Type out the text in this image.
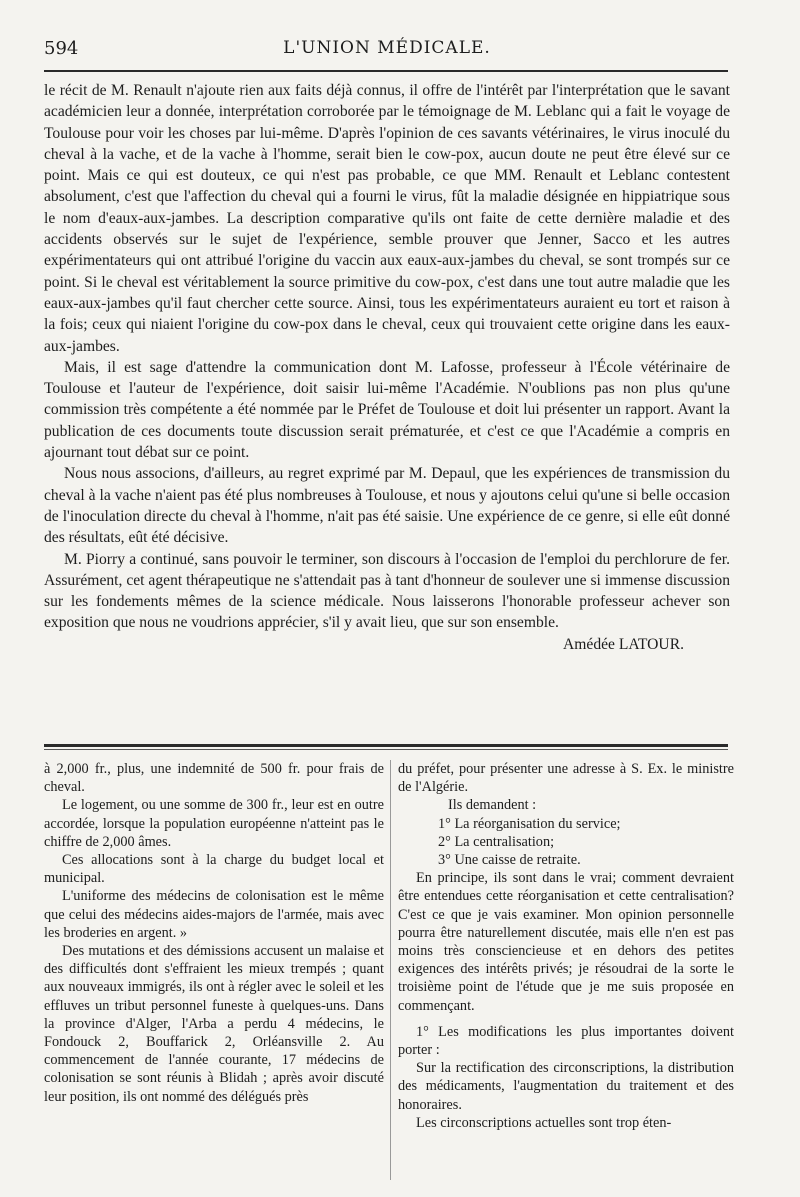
594	L'UNION MÉDICALE.

le récit de M. Renault n'ajoute rien aux faits déjà connus, il offre de l'intérêt par l'interprétation que le savant académicien leur a donnée, interprétation corroborée par le témoignage de M. Leblanc qui a fait le voyage de Toulouse pour voir les choses par lui-même. D'après l'opinion de ces savants vétérinaires, le virus inoculé du cheval à la vache, et de la vache à l'homme, serait bien le cow-pox, aucun doute ne peut être élevé sur ce point. Mais ce qui est douteux, ce qui n'est pas probable, ce que MM. Renault et Leblanc contestent absolument, c'est que l'affection du cheval qui a fourni le virus, fût la maladie désignée en hippiatrique sous le nom d'eaux-aux-jambes. La description comparative qu'ils ont faite de cette dernière maladie et des accidents observés sur le sujet de l'expérience, semble prouver que Jenner, Sacco et les autres expérimentateurs qui ont attribué l'origine du vaccin aux eaux-aux-jambes du cheval, se sont trompés sur ce point. Si le cheval est véritablement la source primitive du cow-pox, c'est dans une tout autre maladie que les eaux-aux-jambes qu'il faut chercher cette source. Ainsi, tous les expérimentateurs auraient eu tort et raison à la fois; ceux qui niaient l'origine du cow-pox dans le cheval, ceux qui trouvaient cette origine dans les eaux-aux-jambes.

Mais, il est sage d'attendre la communication dont M. Lafosse, professeur à l'École vétérinaire de Toulouse et l'auteur de l'expérience, doit saisir lui-même l'Académie. N'oublions pas non plus qu'une commission très compétente a été nommée par le Préfet de Toulouse et doit lui présenter un rapport. Avant la publication de ces documents toute discussion serait prématurée, et c'est ce que l'Académie a compris en ajournant tout débat sur ce point.

Nous nous associons, d'ailleurs, au regret exprimé par M. Depaul, que les expériences de transmission du cheval à la vache n'aient pas été plus nombreuses à Toulouse, et nous y ajoutons celui qu'une si belle occasion de l'inoculation directe du cheval à l'homme, n'ait pas été saisie. Une expérience de ce genre, si elle eût donné des résultats, eût été décisive.

M. Piorry a continué, sans pouvoir le terminer, son discours à l'occasion de l'emploi du perchlorure de fer. Assurément, cet agent thérapeutique ne s'attendait pas à tant d'honneur de soulever une si immense discussion sur les fondements mêmes de la science médicale. Nous laisserons l'honorable professeur achever son exposition que nous ne voudrions apprécier, s'il y avait lieu, que sur son ensemble.

Amédée LATOUR.

à 2,000 fr., plus, une indemnité de 500 fr. pour frais de cheval.

Le logement, ou une somme de 300 fr., leur est en outre accordée, lorsque la population européenne n'atteint pas le chiffre de 2,000 âmes.

Ces allocations sont à la charge du budget local et municipal.

L'uniforme des médecins de colonisation est le même que celui des médecins aides-majors de l'armée, mais avec les broderies en argent. »

Des mutations et des démissions accusent un malaise et des difficultés dont s'effraient les mieux trempés ; quant aux nouveaux immigrés, ils ont à régler avec le soleil et les effluves un tribut personnel funeste à quelques-uns. Dans la province d'Alger, l'Arba a perdu 4 médecins, le Fondouck 2, Bouffarick 2, Orléansville 2. Au commencement de l'année courante, 17 médecins de colonisation se sont réunis à Blidah ; après avoir discuté leur position, ils ont nommé des délégués près

du préfet, pour présenter une adresse à S. Ex. le ministre de l'Algérie.

Ils demandent :

1° La réorganisation du service;

2° La centralisation;

3° Une caisse de retraite.

En principe, ils sont dans le vrai; comment devraient être entendues cette réorganisation et cette centralisation? C'est ce que je vais examiner. Mon opinion personnelle pourra être naturellement discutée, mais elle n'en est pas moins très consciencieuse et en dehors des petites exigences des intérêts privés; je résoudrai de la sorte le troisième point de l'étude que je me suis proposée en commençant.

1° Les modifications les plus importantes doivent porter :

Sur la rectification des circonscriptions, la distribution des médicaments, l'augmentation du traitement et des honoraires.

Les circonscriptions actuelles sont trop éten-
